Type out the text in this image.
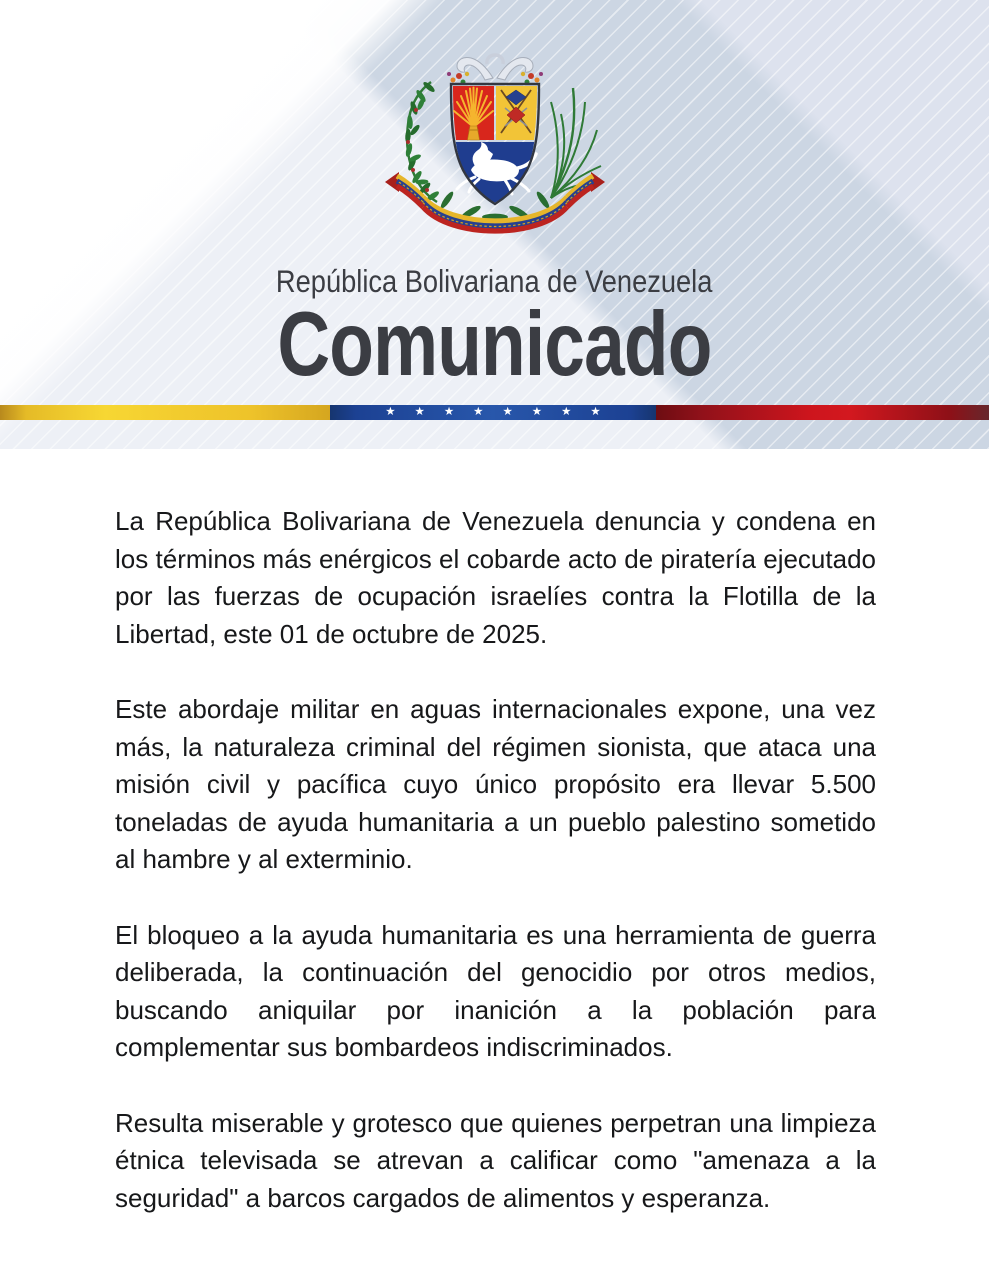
República Bolivariana de Venezuela
Comunicado
★★★★★★★★

La República Bolivariana de Venezuela denuncia y condena en los términos más enérgicos el cobarde acto de piratería ejecutado por las fuerzas de ocupación israelíes contra la Flotilla de la Libertad, este 01 de octubre de 2025.

Este abordaje militar en aguas internacionales expone, una vez más, la naturaleza criminal del régimen sionista, que ataca una misión civil y pacífica cuyo único propósito era llevar 5.500 toneladas de ayuda humanitaria a un pueblo palestino sometido al hambre y al exterminio.

El bloqueo a la ayuda humanitaria es una herramienta de guerra deliberada, la continuación del genocidio por otros medios, buscando aniquilar por inanición a la población para complementar sus bombardeos indiscriminados.

Resulta miserable y grotesco que quienes perpetran una limpieza étnica televisada se atrevan a calificar como "amenaza a la seguridad" a barcos cargados de alimentos y esperanza.
